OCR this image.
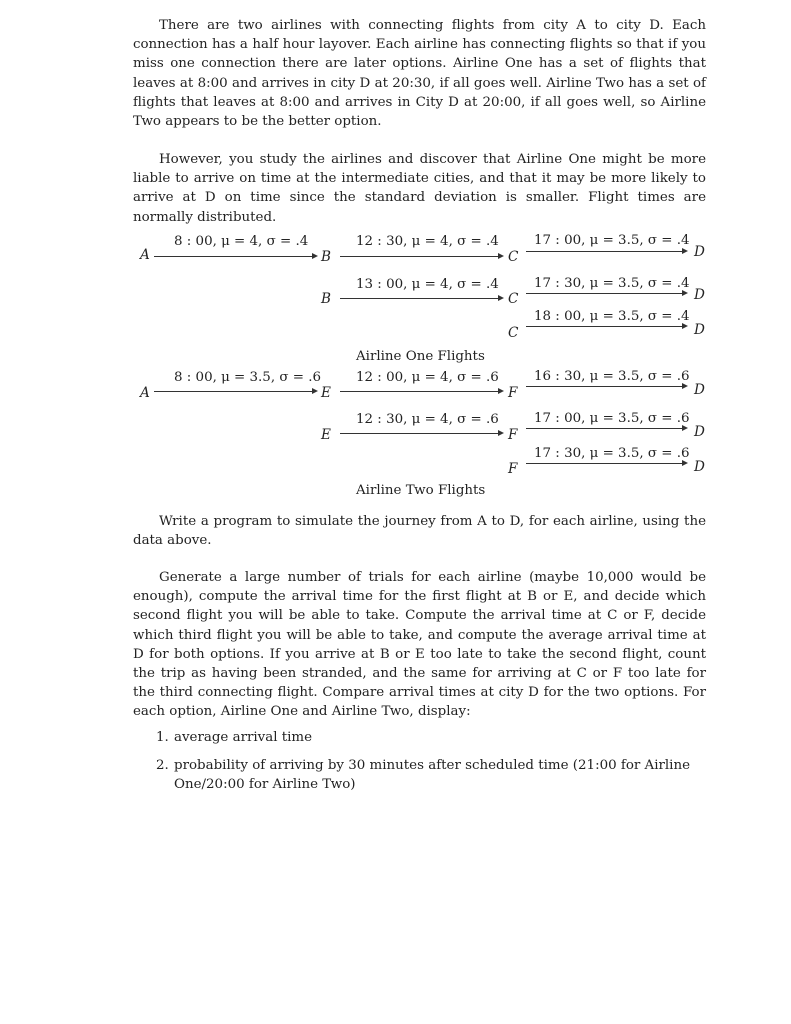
There are two airlines with connecting flights from city A to city D. Each connection has a half hour layover. Each airline has connecting flights so that if you miss one connection there are later options. Airline One has a set of flights that leaves at 8:00 and arrives in city D at 20:30, if all goes well. Airline Two has a set of flights that leaves at 8:00 and arrives in City D at 20:00, if all goes well, so Airline Two appears to be the better option.

However, you study the airlines and discover that Airline One might be more liable to arrive on time at the intermediate cities, and that it may be more likely to arrive at D on time since the standard deviation is smaller. Flight times are normally distributed.

A
8 : 00, μ = 4, σ = .4
B
12 : 30, μ = 4, σ = .4
C
17 : 00, μ = 3.5, σ = .4
D
B
13 : 00, μ = 4, σ = .4
C
17 : 30, μ = 3.5, σ = .4
D
C
18 : 00, μ = 3.5, σ = .4
D
Airline One Flights
A
8 : 00, μ = 3.5, σ = .6
E
12 : 00, μ = 4, σ = .6
F
16 : 30, μ = 3.5, σ = .6
D
E
12 : 30, μ = 4, σ = .6
F
17 : 00, μ = 3.5, σ = .6
D
F
17 : 30, μ = 3.5, σ = .6
D
Airline Two Flights

Write a program to simulate the journey from A to D, for each airline, using the data above.

Generate a large number of trials for each airline (maybe 10,000 would be enough), compute the arrival time for the first flight at B or E, and decide which second flight you will be able to take. Compute the arrival time at C or F, decide which third flight you will be able to take, and compute the average arrival time at D for both options. If you arrive at B or E too late to take the second flight, count the trip as having been stranded, and the same for arriving at C or F too late for the third connecting flight. Compare arrival times at city D for the two options. For each option, Airline One and Airline Two, display:

1. average arrival time
2. probability of arriving by 30 minutes after scheduled time (21:00 for Airline One/20:00 for Airline Two)
